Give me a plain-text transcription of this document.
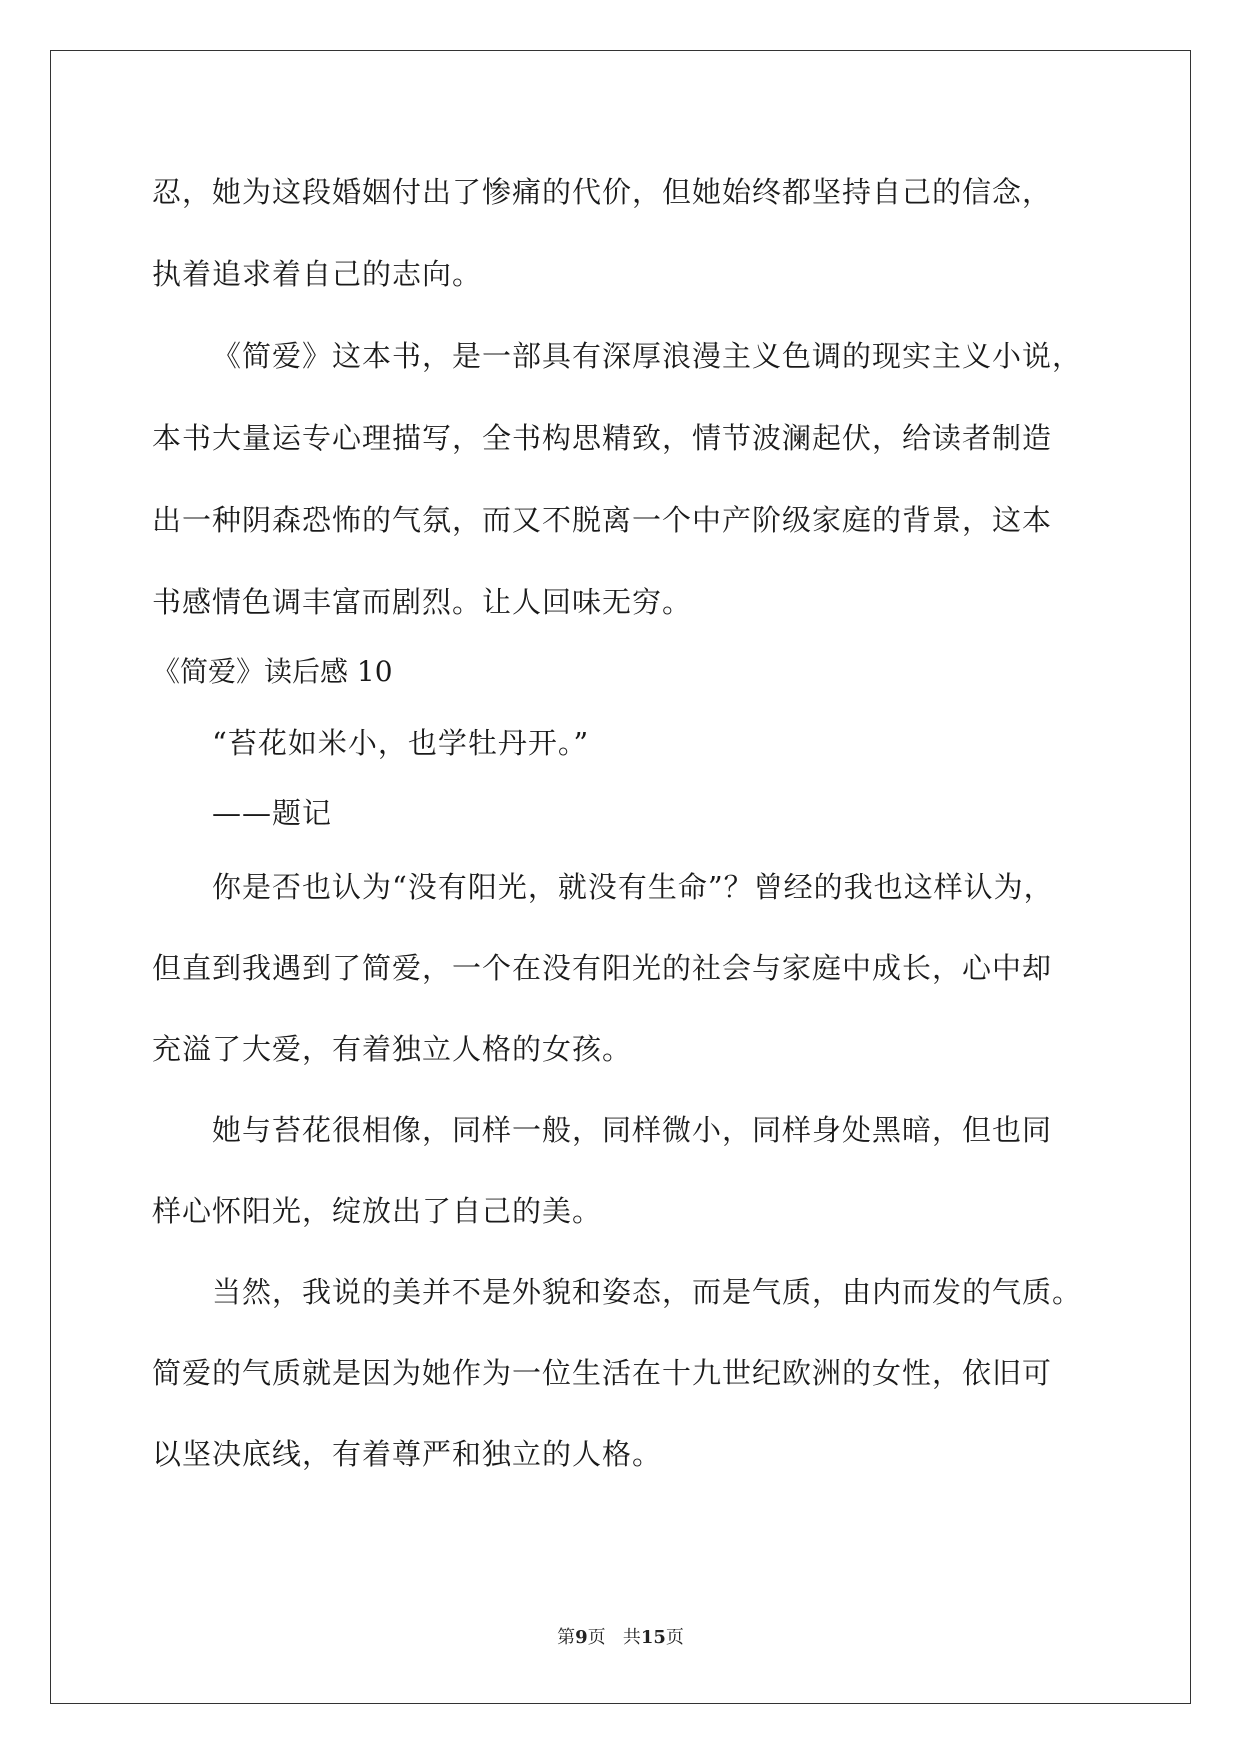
忍，她为这段婚姻付出了惨痛的代价，但她始终都坚持自己的信念，
执着追求着自己的志向。
《简爱》这本书，是一部具有深厚浪漫主义色调的现实主义小说，
本书大量运专心理描写，全书构思精致，情节波澜起伏，给读者制造
出一种阴森恐怖的气氛，而又不脱离一个中产阶级家庭的背景，这本
书感情色调丰富而剧烈。让人回味无穷。
《简爱》读后感 10
“苔花如米小，也学牡丹开。”
——题记
你是否也认为“没有阳光，就没有生命”？曾经的我也这样认为，
但直到我遇到了简爱，一个在没有阳光的社会与家庭中成长，心中却
充溢了大爱，有着独立人格的女孩。
她与苔花很相像，同样一般，同样微小，同样身处黑暗，但也同
样心怀阳光，绽放出了自己的美。
当然，我说的美并不是外貌和姿态，而是气质，由内而发的气质。
简爱的气质就是因为她作为一位生活在十九世纪欧洲的女性，依旧可
以坚决底线，有着尊严和独立的人格。
第9页 共15页
